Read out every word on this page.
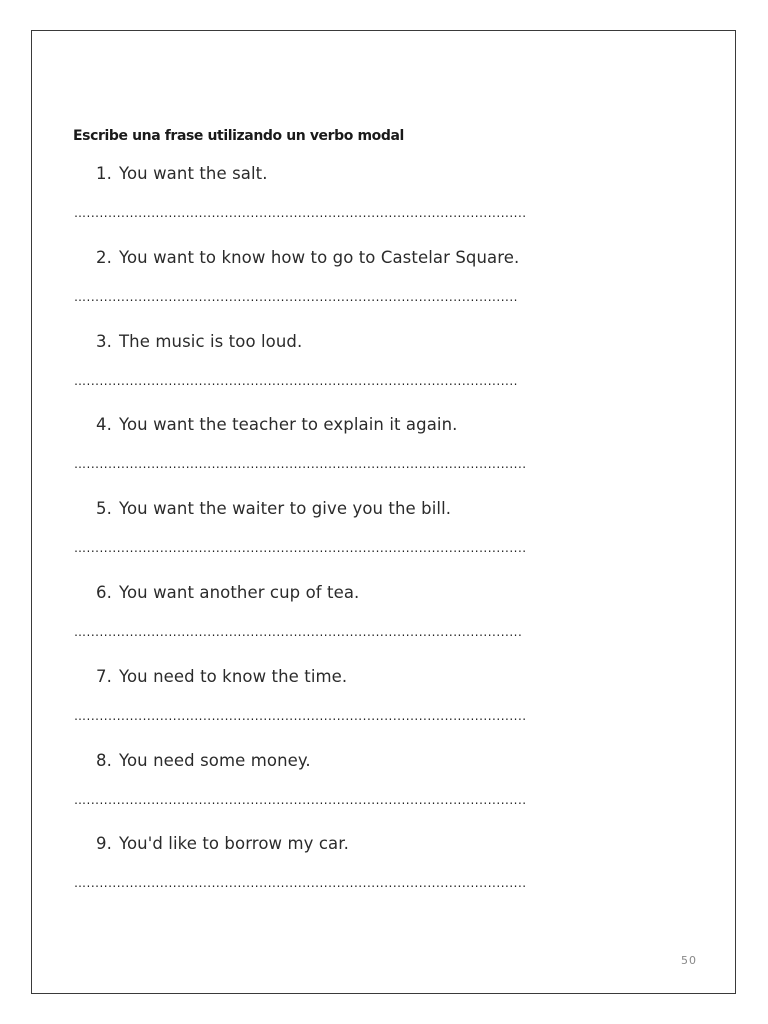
Escribe una frase utilizando un verbo modal
1. You want the salt.
…......................................................................................................
2. You want to know how to go to Castelar Square.
…....................................................................................................
3. The music is too loud.
…....................................................................................................
4. You want the teacher to explain it again.
…......................................................................................................
5. You want the waiter to give you the bill.
…......................................................................................................
6. You want another cup of tea.
….....................................................................................................
7. You need to know the time.
…......................................................................................................
8. You need some money.
…......................................................................................................
9. You'd like to borrow my car.
…......................................................................................................
50
